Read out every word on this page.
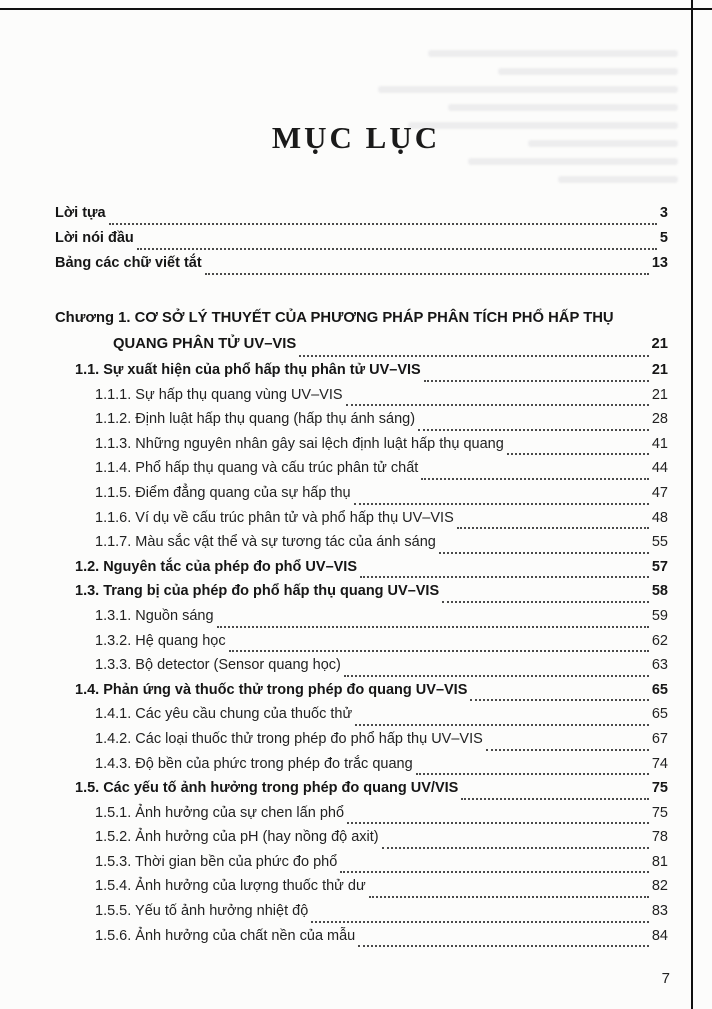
MỤC LỤC
Lời tựa	3
Lời nói đầu	5
Bảng các chữ viết tắt	13
Chương 1. CƠ SỞ LÝ THUYẾT CỦA PHƯƠNG PHÁP PHÂN TÍCH PHỔ HẤP THỤ
QUANG PHÂN TỬ UV–VIS	21
1.1. Sự xuất hiện của phổ hấp thụ phân tử UV–VIS	21
1.1.1. Sự hấp thụ quang vùng UV–VIS	21
1.1.2. Định luật hấp thụ quang (hấp thụ ánh sáng)	28
1.1.3. Những nguyên nhân gây sai lệch định luật hấp thụ quang	41
1.1.4. Phổ hấp thụ quang và cấu trúc phân tử chất	44
1.1.5. Điểm đẳng quang của sự hấp thụ	47
1.1.6. Ví dụ về cấu trúc phân tử và phổ hấp thụ UV–VIS	48
1.1.7. Màu sắc vật thể và sự tương tác của ánh sáng	55
1.2. Nguyên tắc của phép đo phổ UV–VIS	57
1.3. Trang bị của phép đo phổ hấp thụ quang UV–VIS	58
1.3.1. Nguồn sáng	59
1.3.2. Hệ quang học	62
1.3.3. Bộ detector (Sensor quang học)	63
1.4. Phản ứng và thuốc thử trong phép đo quang UV–VIS	65
1.4.1. Các yêu cầu chung của thuốc thử	65
1.4.2. Các loại thuốc thử trong phép đo phổ hấp thụ UV–VIS	67
1.4.3. Độ bền của phức trong phép đo trắc quang	74
1.5. Các yếu tố ảnh hưởng trong phép đo quang UV/VIS	75
1.5.1. Ảnh hưởng của sự chen lấn phổ	75
1.5.2. Ảnh hưởng của pH (hay nồng độ axit)	78
1.5.3. Thời gian bền của phức đo phổ	81
1.5.4. Ảnh hưởng của lượng thuốc thử dư	82
1.5.5. Yếu tố ảnh hưởng nhiệt độ	83
1.5.6. Ảnh hưởng của chất nền của mẫu	84
7
